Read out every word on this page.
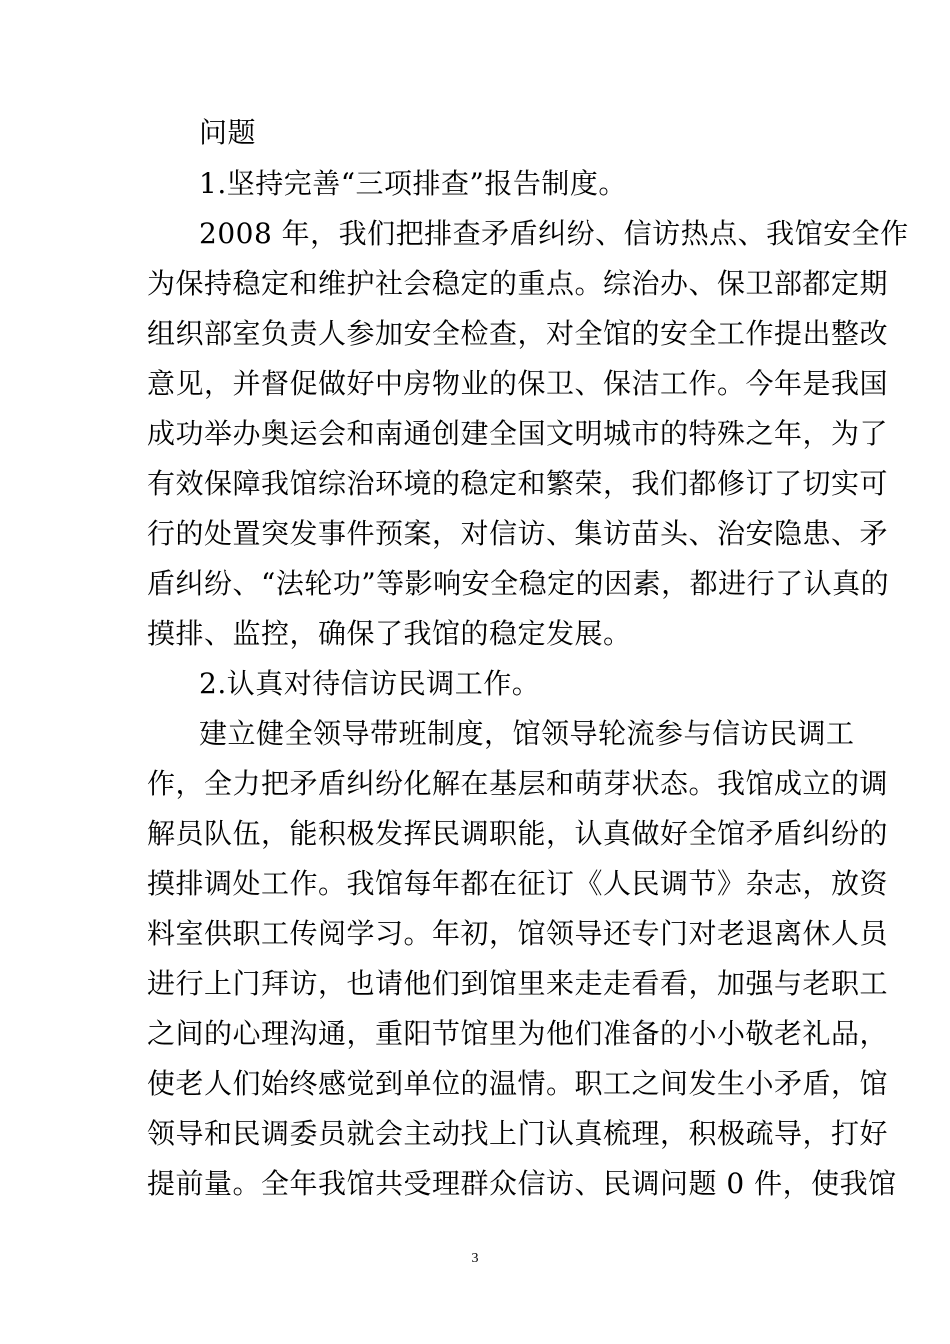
问题
1.坚持完善“三项排查”报告制度。
2008 年，我们把排查矛盾纠纷、信访热点、我馆安全作
为保持稳定和维护社会稳定的重点。综治办、保卫部都定期
组织部室负责人参加安全检查，对全馆的安全工作提出整改
意见，并督促做好中房物业的保卫、保洁工作。今年是我国
成功举办奥运会和南通创建全国文明城市的特殊之年，为了
有效保障我馆综治环境的稳定和繁荣，我们都修订了切实可
行的处置突发事件预案，对信访、集访苗头、治安隐患、矛
盾纠纷、“法轮功”等影响安全稳定的因素，都进行了认真的
摸排、监控，确保了我馆的稳定发展。
2.认真对待信访民调工作。
建立健全领导带班制度，馆领导轮流参与信访民调工
作，全力把矛盾纠纷化解在基层和萌芽状态。我馆成立的调
解员队伍，能积极发挥民调职能，认真做好全馆矛盾纠纷的
摸排调处工作。我馆每年都在征订《人民调节》杂志，放资
料室供职工传阅学习。年初，馆领导还专门对老退离休人员
进行上门拜访，也请他们到馆里来走走看看，加强与老职工
之间的心理沟通，重阳节馆里为他们准备的小小敬老礼品，
使老人们始终感觉到单位的温情。职工之间发生小矛盾，馆
领导和民调委员就会主动找上门认真梳理，积极疏导，打好
提前量。全年我馆共受理群众信访、民调问题 0 件，使我馆
3
